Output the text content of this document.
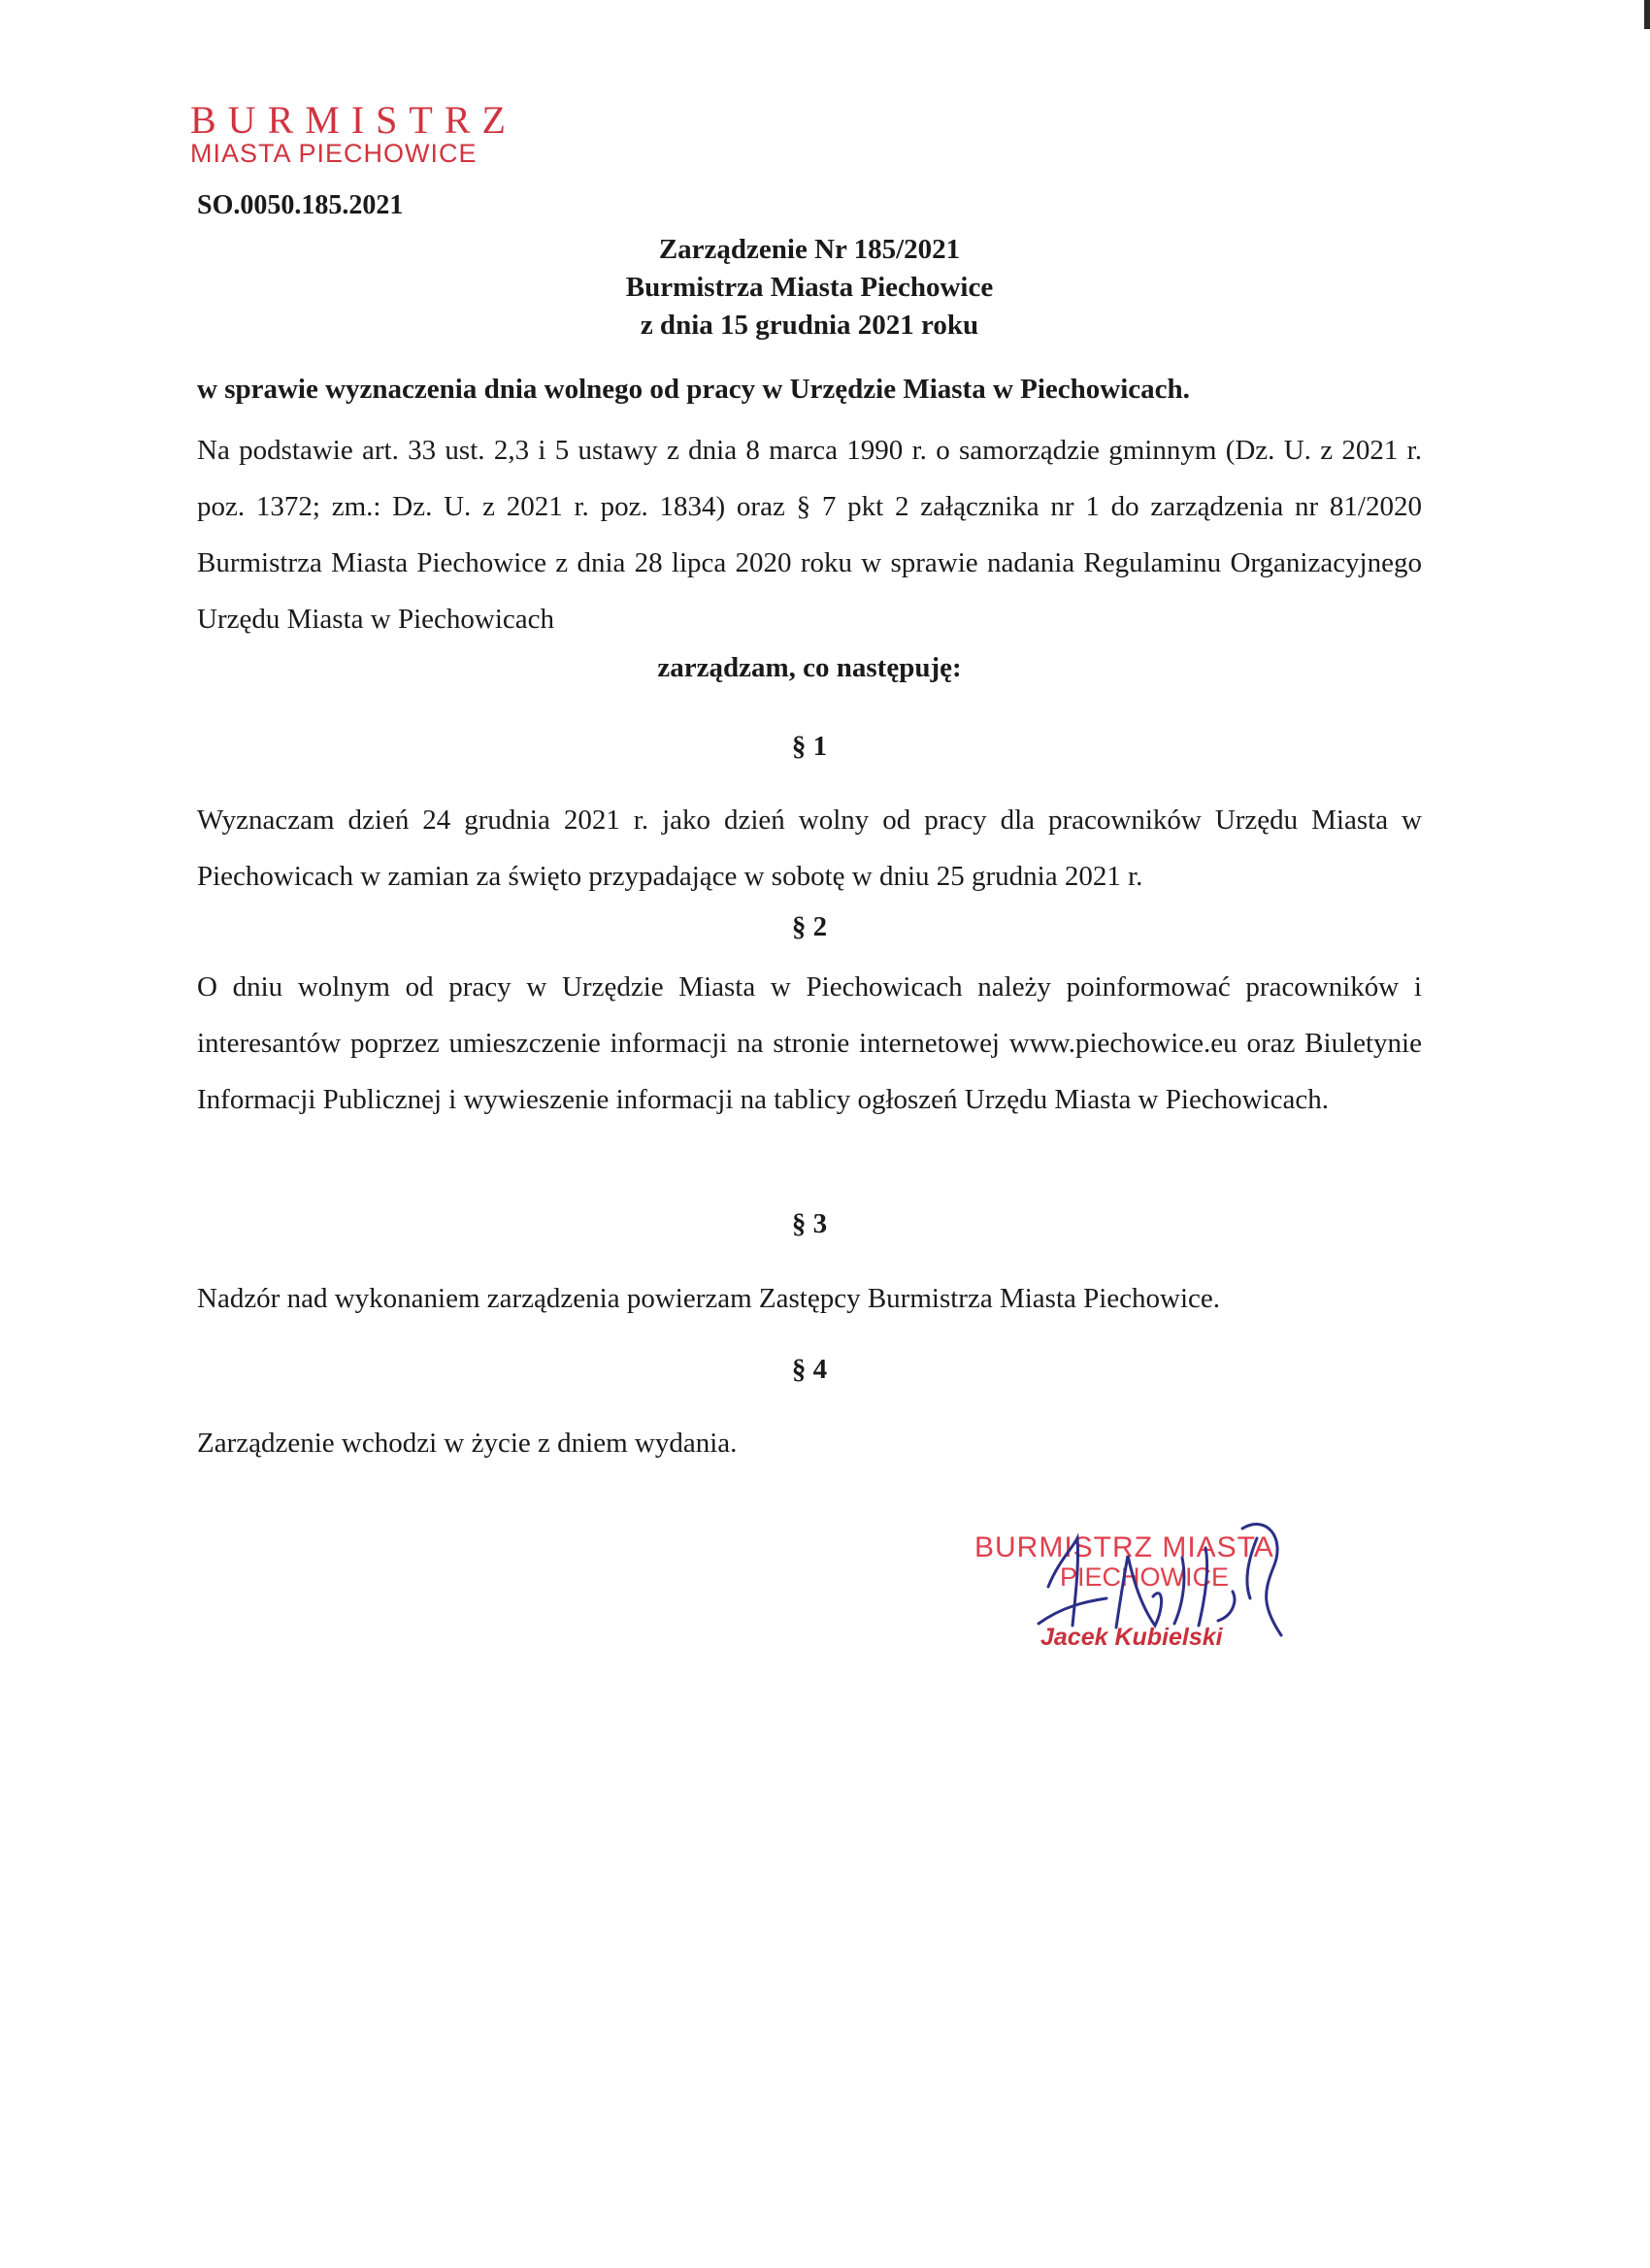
BURMISTRZ
MIASTA PIECHOWICE
SO.0050.185.2021
Zarządzenie Nr 185/2021
Burmistrza Miasta Piechowice
z dnia 15 grudnia 2021 roku
w sprawie wyznaczenia dnia wolnego od pracy w Urzędzie Miasta w Piechowicach.
Na podstawie art. 33 ust. 2,3 i 5 ustawy z dnia 8 marca 1990 r. o samorządzie gminnym (Dz. U. z 2021 r. poz. 1372; zm.: Dz. U. z 2021 r. poz. 1834) oraz § 7 pkt 2 załącznika nr 1 do zarządzenia nr 81/2020 Burmistrza Miasta Piechowice z dnia 28 lipca 2020 roku w sprawie nadania Regulaminu Organizacyjnego Urzędu Miasta w Piechowicach
zarządzam, co następuję:
§ 1
Wyznaczam dzień 24 grudnia 2021 r. jako dzień wolny od pracy dla pracowników Urzędu Miasta w Piechowicach w zamian za święto przypadające w sobotę w dniu 25 grudnia 2021 r.
§ 2
O dniu wolnym od pracy w Urzędzie Miasta w Piechowicach należy poinformować pracowników i interesantów poprzez umieszczenie informacji na stronie internetowej www.piechowice.eu oraz Biuletynie Informacji Publicznej i wywieszenie informacji na tablicy ogłoszeń Urzędu Miasta w Piechowicach.
§ 3
Nadzór nad wykonaniem zarządzenia powierzam Zastępcy Burmistrza Miasta Piechowice.
§ 4
Zarządzenie wchodzi w życie z dniem wydania.
BURMISTRZ MIASTA
PIECHOWICE
Jacek Kubielski
